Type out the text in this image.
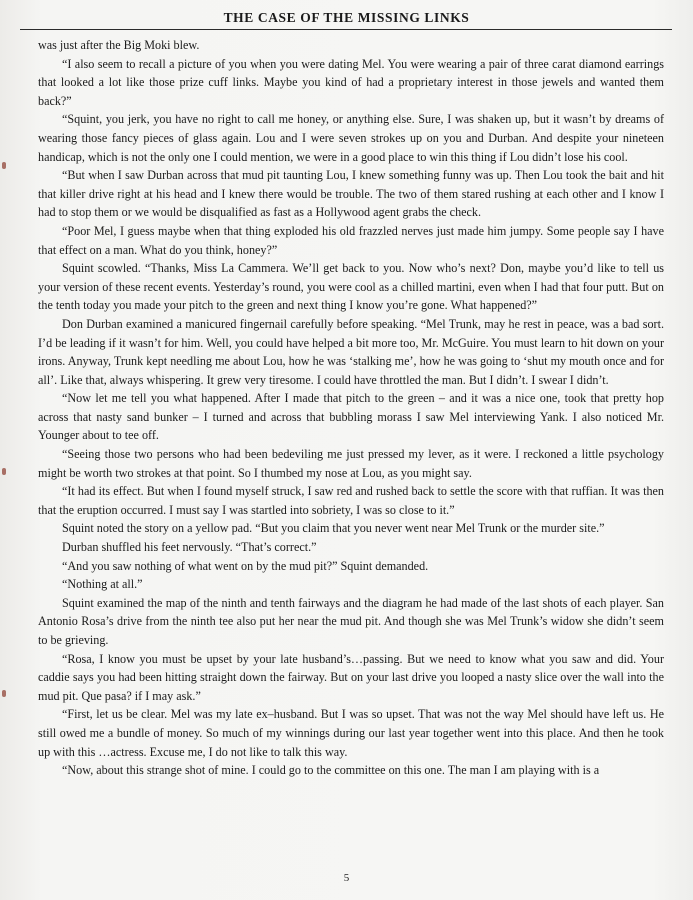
THE CASE OF THE MISSING LINKS

was just after the Big Moki blew.

“I also seem to recall a picture of you when you were dating Mel. You were wearing a pair of three carat diamond earrings that looked a lot like those prize cuff links. Maybe you kind of had a proprietary interest in those jewels and wanted them back?”

“Squint, you jerk, you have no right to call me honey, or anything else. Sure, I was shaken up, but it wasn’t by dreams of wearing those fancy pieces of glass again. Lou and I were seven strokes up on you and Durban. And despite your nineteen handicap, which is not the only one I could mention, we were in a good place to win this thing if Lou didn’t lose his cool.

“But when I saw Durban across that mud pit taunting Lou, I knew something funny was up. Then Lou took the bait and hit that killer drive right at his head and I knew there would be trouble. The two of them stared rushing at each other and I know I had to stop them or we would be disqualified as fast as a Hollywood agent grabs the check.

“Poor Mel, I guess maybe when that thing exploded his old frazzled nerves just made him jumpy. Some people say I have that effect on a man. What do you think, honey?”

Squint scowled. “Thanks, Miss La Cammera. We’ll get back to you. Now who’s next? Don, maybe you’d like to tell us your version of these recent events. Yesterday’s round, you were cool as a chilled martini, even when I had that four putt. But on the tenth today you made your pitch to the green and next thing I know you’re gone. What happened?”

Don Durban examined a manicured fingernail carefully before speaking. “Mel Trunk, may he rest in peace, was a bad sort. I’d be leading if it wasn’t for him. Well, you could have helped a bit more too, Mr. McGuire. You must learn to hit down on your irons. Anyway, Trunk kept needling me about Lou, how he was ‘stalking me’, how he was going to ‘shut my mouth once and for all’. Like that, always whispering. It grew very tiresome. I could have throttled the man. But I didn’t. I swear I didn’t.

“Now let me tell you what happened. After I made that pitch to the green – and it was a nice one, took that pretty hop across that nasty sand bunker – I turned and across that bubbling morass I saw Mel interviewing Yank. I also noticed Mr. Younger about to tee off.

“Seeing those two persons who had been bedeviling me just pressed my lever, as it were. I reckoned a little psychology might be worth two strokes at that point. So I thumbed my nose at Lou, as you might say.

“It had its effect. But when I found myself struck, I saw red and rushed back to settle the score with that ruffian. It was then that the eruption occurred. I must say I was startled into sobriety, I was so close to it.”

Squint noted the story on a yellow pad. “But you claim that you never went near Mel Trunk or the murder site.”

Durban shuffled his feet nervously. “That’s correct.”

“And you saw nothing of what went on by the mud pit?” Squint demanded.

“Nothing at all.”

Squint examined the map of the ninth and tenth fairways and the diagram he had made of the last shots of each player. San Antonio Rosa’s drive from the ninth tee also put her near the mud pit. And though she was Mel Trunk’s widow she didn’t seem to be grieving.

“Rosa, I know you must be upset by your late husband’s…passing. But we need to know what you saw and did. Your caddie says you had been hitting straight down the fairway. But on your last drive you looped a nasty slice over the wall into the mud pit. Que pasa? if I may ask.”

“First, let us be clear. Mel was my late ex–husband. But I was so upset. That was not the way Mel should have left us. He still owed me a bundle of money. So much of my winnings during our last year together went into this place. And then he took up with this …actress. Excuse me, I do not like to talk this way.

“Now, about this strange shot of mine. I could go to the committee on this one. The man I am playing with is a

5
